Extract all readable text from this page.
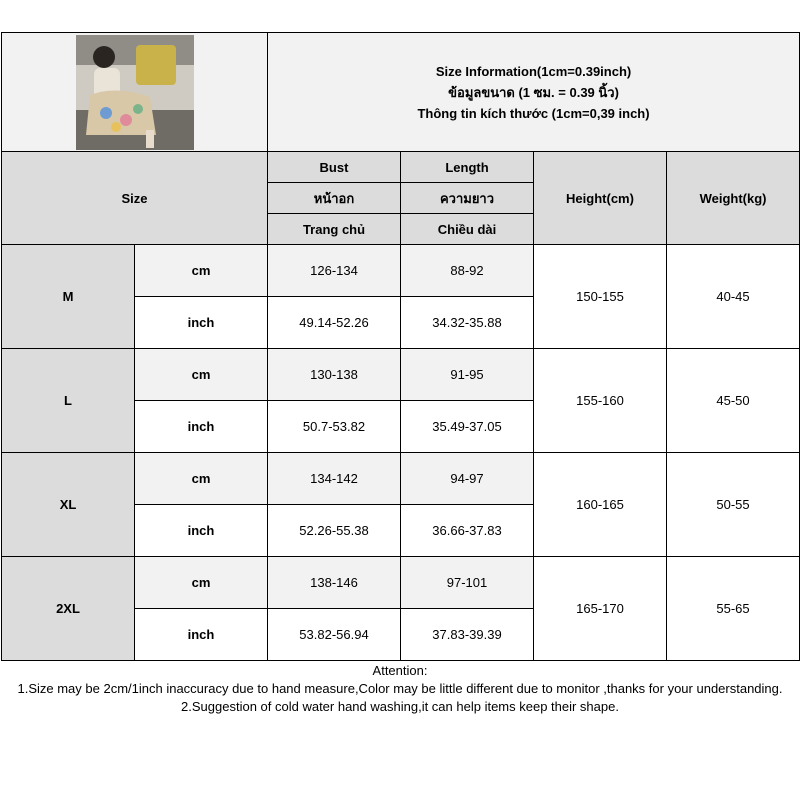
Size Information(1cm=0.39inch)
ข้อมูลขนาด (1 ซม. = 0.39 นิ้ว)
Thông tin kích thước (1cm=0,39 inch)			

Size		Bust	Length	Height(cm)	Weight(kg)
		หน้าอก	ความยาว		
		Trang chủ	Chiều dài		
M	cm	126-134	88-92	150-155	40-45
	inch	49.14-52.26	34.32-35.88		
L	cm	130-138	91-95	155-160	45-50
	inch	50.7-53.82	35.49-37.05		
XL	cm	134-142	94-97	160-165	50-55
	inch	52.26-55.38	36.66-37.83		
2XL	cm	138-146	97-101	165-170	55-65
	inch	53.82-56.94	37.83-39.39		
Attention:
1.Size may be 2cm/1inch inaccuracy due to hand measure,Color may be little different due to monitor ,thanks for your understanding.
2.Suggestion of cold water hand washing,it can help items keep their shape.
